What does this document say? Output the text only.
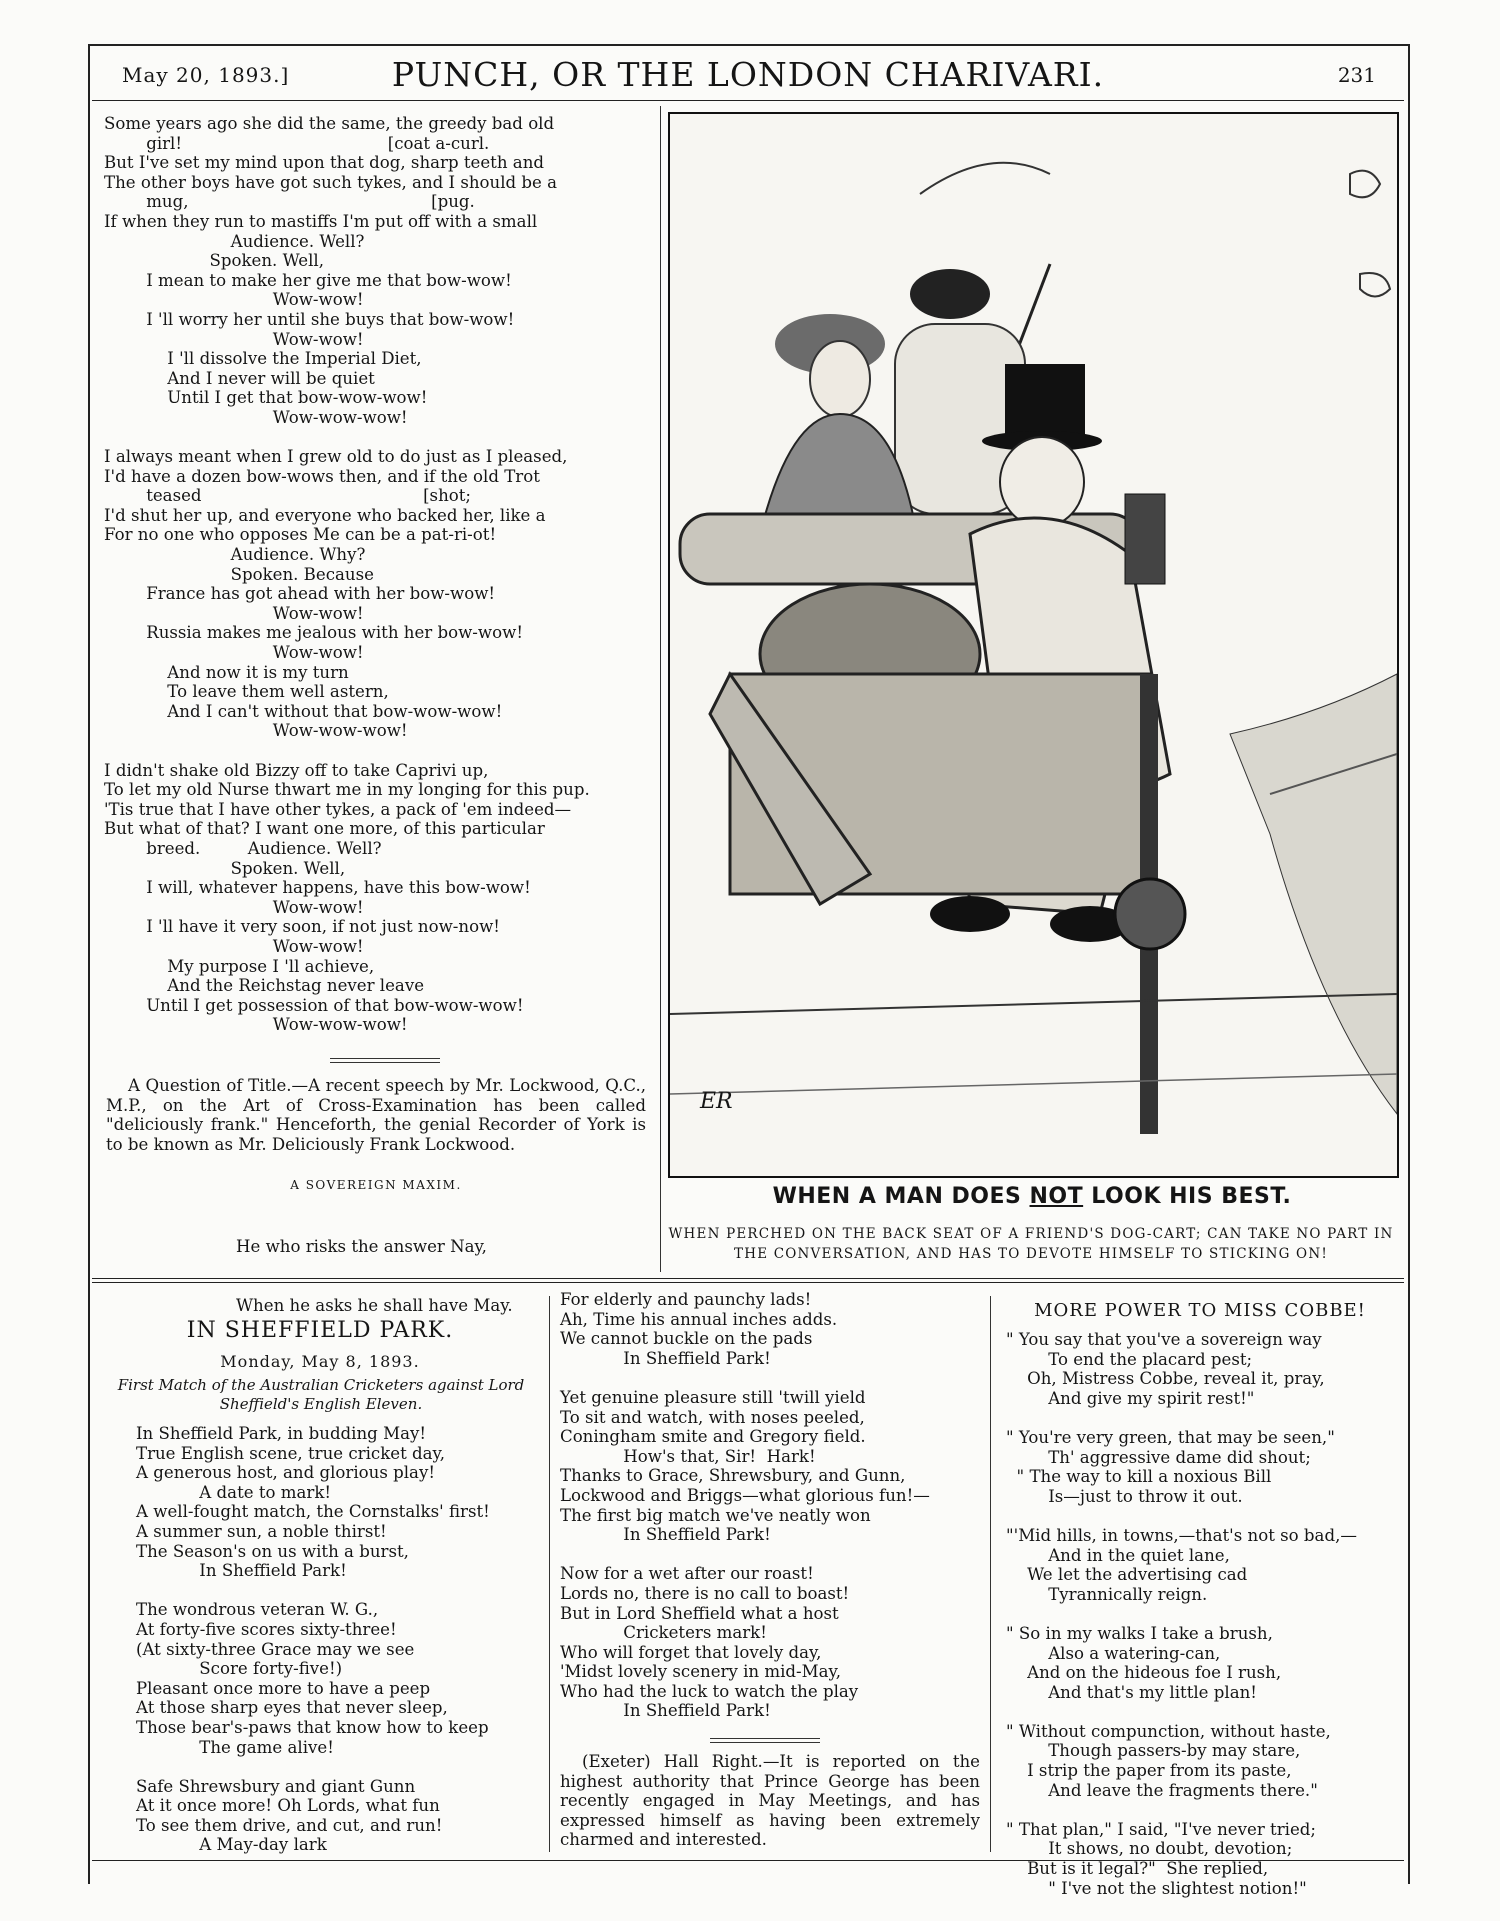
May 20, 1893.]	PUNCH, OR THE LONDON CHARIVARI.	231
Some years ago she did the same, the greedy bad old
girl!                                       [coat a-curl.
But I've set my mind upon that dog, sharp teeth and
The other boys have got such tykes, and I should be a
mug,                                              [pug.
If when they run to mastiffs I'm put off with a small
Audience. Well?
Spoken. Well,
I mean to make her give me that bow-wow!
Wow-wow!
I 'll worry her until she buys that bow-wow!
Wow-wow!
I 'll dissolve the Imperial Diet,
And I never will be quiet
Until I get that bow-wow-wow!
Wow-wow-wow!
I always meant when I grew old to do just as I pleased,
I'd have a dozen bow-wows then, and if the old Trot
teased                                          [shot;
I'd shut her up, and everyone who backed her, like a
For no one who opposes Me can be a pat-ri-ot!
Audience. Why?
Spoken. Because
France has got ahead with her bow-wow!
Wow-wow!
Russia makes me jealous with her bow-wow!
Wow-wow!
And now it is my turn
To leave them well astern,
And I can't without that bow-wow-wow!
Wow-wow-wow!
I didn't shake old Bizzy off to take Caprivi up,
To let my old Nurse thwart me in my longing for this pup.
'Tis true that I have other tykes, a pack of 'em indeed—
But what of that? I want one more, of this particular
breed.         Audience. Well?
Spoken. Well,
I will, whatever happens, have this bow-wow!
Wow-wow!
I 'll have it very soon, if not just now-now!
Wow-wow!
My purpose I 'll achieve,
And the Reichstag never leave
Until I get possession of that bow-wow-wow!
Wow-wow-wow!
A Question of Title.—A recent speech by Mr. Lockwood, Q.C., M.P., on the Art of Cross-Examination has been called "deliciously frank." Henceforth, the genial Recorder of York is to be known as Mr. Deliciously Frank Lockwood.
A SOVEREIGN MAXIM.

He who risks the answer Nay,

When he asks he shall have May.

ER
WHEN A MAN DOES NOT LOOK HIS BEST.
WHEN PERCHED ON THE BACK SEAT OF A FRIEND'S DOG-CART; CAN TAKE NO PART IN THE CONVERSATION, AND HAS TO DEVOTE HIMSELF TO STICKING ON!
IN SHEFFIELD PARK.
Monday, May 8, 1893.
First Match of the Australian Cricketers against Lord Sheffield's English Eleven.
In Sheffield Park, in budding May!
True English scene, true cricket day,
A generous host, and glorious play!
A date to mark!
A well-fought match, the Cornstalks' first!
A summer sun, a noble thirst!
The Season's on us with a burst,
In Sheffield Park!
The wondrous veteran W. G.,
At forty-five scores sixty-three!
(At sixty-three Grace may we see
Score forty-five!)
Pleasant once more to have a peep
At those sharp eyes that never sleep,
Those bear's-paws that know how to keep
The game alive!
Safe Shrewsbury and giant Gunn
At it once more! Oh Lords, what fun
To see them drive, and cut, and run!
A May-day lark
For elderly and paunchy lads!
Ah, Time his annual inches adds.
We cannot buckle on the pads
In Sheffield Park!
Yet genuine pleasure still 'twill yield
To sit and watch, with noses peeled,
Coningham smite and Gregory field.
How's that, Sir!  Hark!
Thanks to Grace, Shrewsbury, and Gunn,
Lockwood and Briggs—what glorious fun!—
The first big match we've neatly won
In Sheffield Park!
Now for a wet after our roast!
Lords no, there is no call to boast!
But in Lord Sheffield what a host
Cricketers mark!
Who will forget that lovely day,
'Midst lovely scenery in mid-May,
Who had the luck to watch the play
In Sheffield Park!
(Exeter) Hall Right.—It is reported on the highest authority that Prince George has been recently engaged in May Meetings, and has expressed himself as having been extremely charmed and interested.
MORE POWER TO MISS COBBE!
" You say that you've a sovereign way
To end the placard pest;
Oh, Mistress Cobbe, reveal it, pray,
And give my spirit rest!"
" You're very green, that may be seen,"
Th' aggressive dame did shout;
" The way to kill a noxious Bill
Is—just to throw it out.
"'Mid hills, in towns,—that's not so bad,—
And in the quiet lane,
We let the advertising cad
Tyrannically reign.
" So in my walks I take a brush,
Also a watering-can,
And on the hideous foe I rush,
And that's my little plan!
" Without compunction, without haste,
Though passers-by may stare,
I strip the paper from its paste,
And leave the fragments there."
" That plan," I said, "I've never tried;
It shows, no doubt, devotion;
But is it legal?"  She replied,
" I've not the slightest notion!"
